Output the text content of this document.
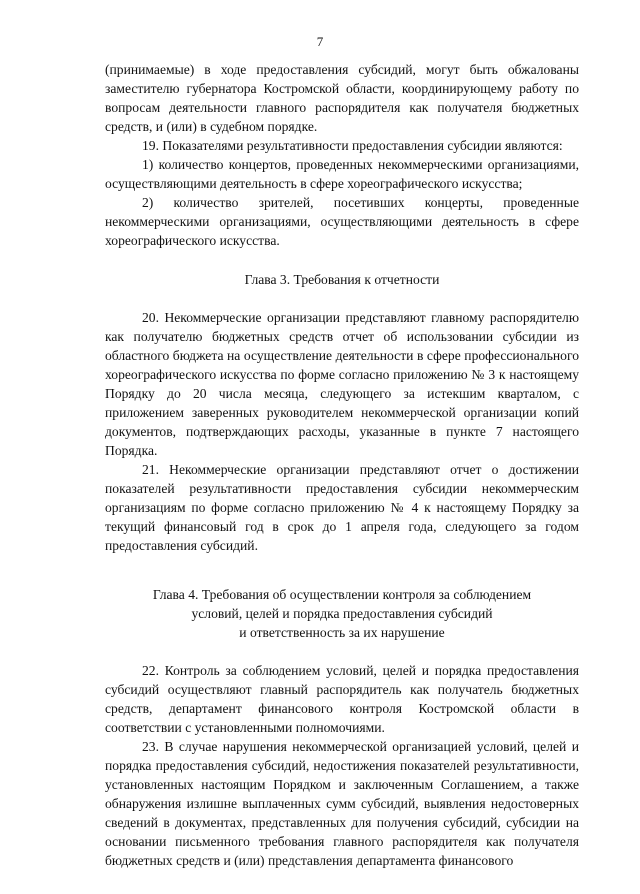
7

(принимаемые) в ходе предоставления субсидий, могут быть обжалованы заместителю губернатора Костромской области, координирующему работу по вопросам деятельности главного распорядителя как получателя бюджетных средств, и (или) в судебном порядке.

19. Показателями результативности предоставления субсидии являются:

1) количество концертов, проведенных некоммерческими организациями, осуществляющими деятельность в сфере хореографического искусства;

2) количество зрителей, посетивших концерты, проведенные некоммерческими организациями, осуществляющими деятельность в сфере хореографического искусства.

Глава 3. Требования к отчетности

20. Некоммерческие организации представляют главному распорядителю как получателю бюджетных средств отчет об использовании субсидии из областного бюджета на осуществление деятельности в сфере профессионального хореографического искусства по форме согласно приложению № 3 к настоящему Порядку до 20 числа месяца, следующего за истекшим кварталом, с приложением заверенных руководителем некоммерческой организации копий документов, подтверждающих расходы, указанные в пункте 7 настоящего Порядка.

21. Некоммерческие организации представляют отчет о достижении показателей результативности предоставления субсидии некоммерческим организациям по форме согласно приложению № 4 к настоящему Порядку за текущий финансовый год в срок до 1 апреля года, следующего за годом предоставления субсидий.

Глава 4. Требования об осуществлении контроля за соблюдением

условий, целей и порядка предоставления субсидий

и ответственность за их нарушение

22. Контроль за соблюдением условий, целей и порядка предоставления субсидий осуществляют главный распорядитель как получатель бюджетных средств, департамент финансового контроля Костромской области в соответствии с установленными полномочиями.

23. В случае нарушения некоммерческой организацией условий, целей и порядка предоставления субсидий, недостижения показателей результативности, установленных настоящим Порядком и заключенным Соглашением, а также обнаружения излишне выплаченных сумм субсидий, выявления недостоверных сведений в документах, представленных для получения субсидий, субсидии на основании письменного требования главного распорядителя как получателя бюджетных средств и (или) представления департамента финансового
